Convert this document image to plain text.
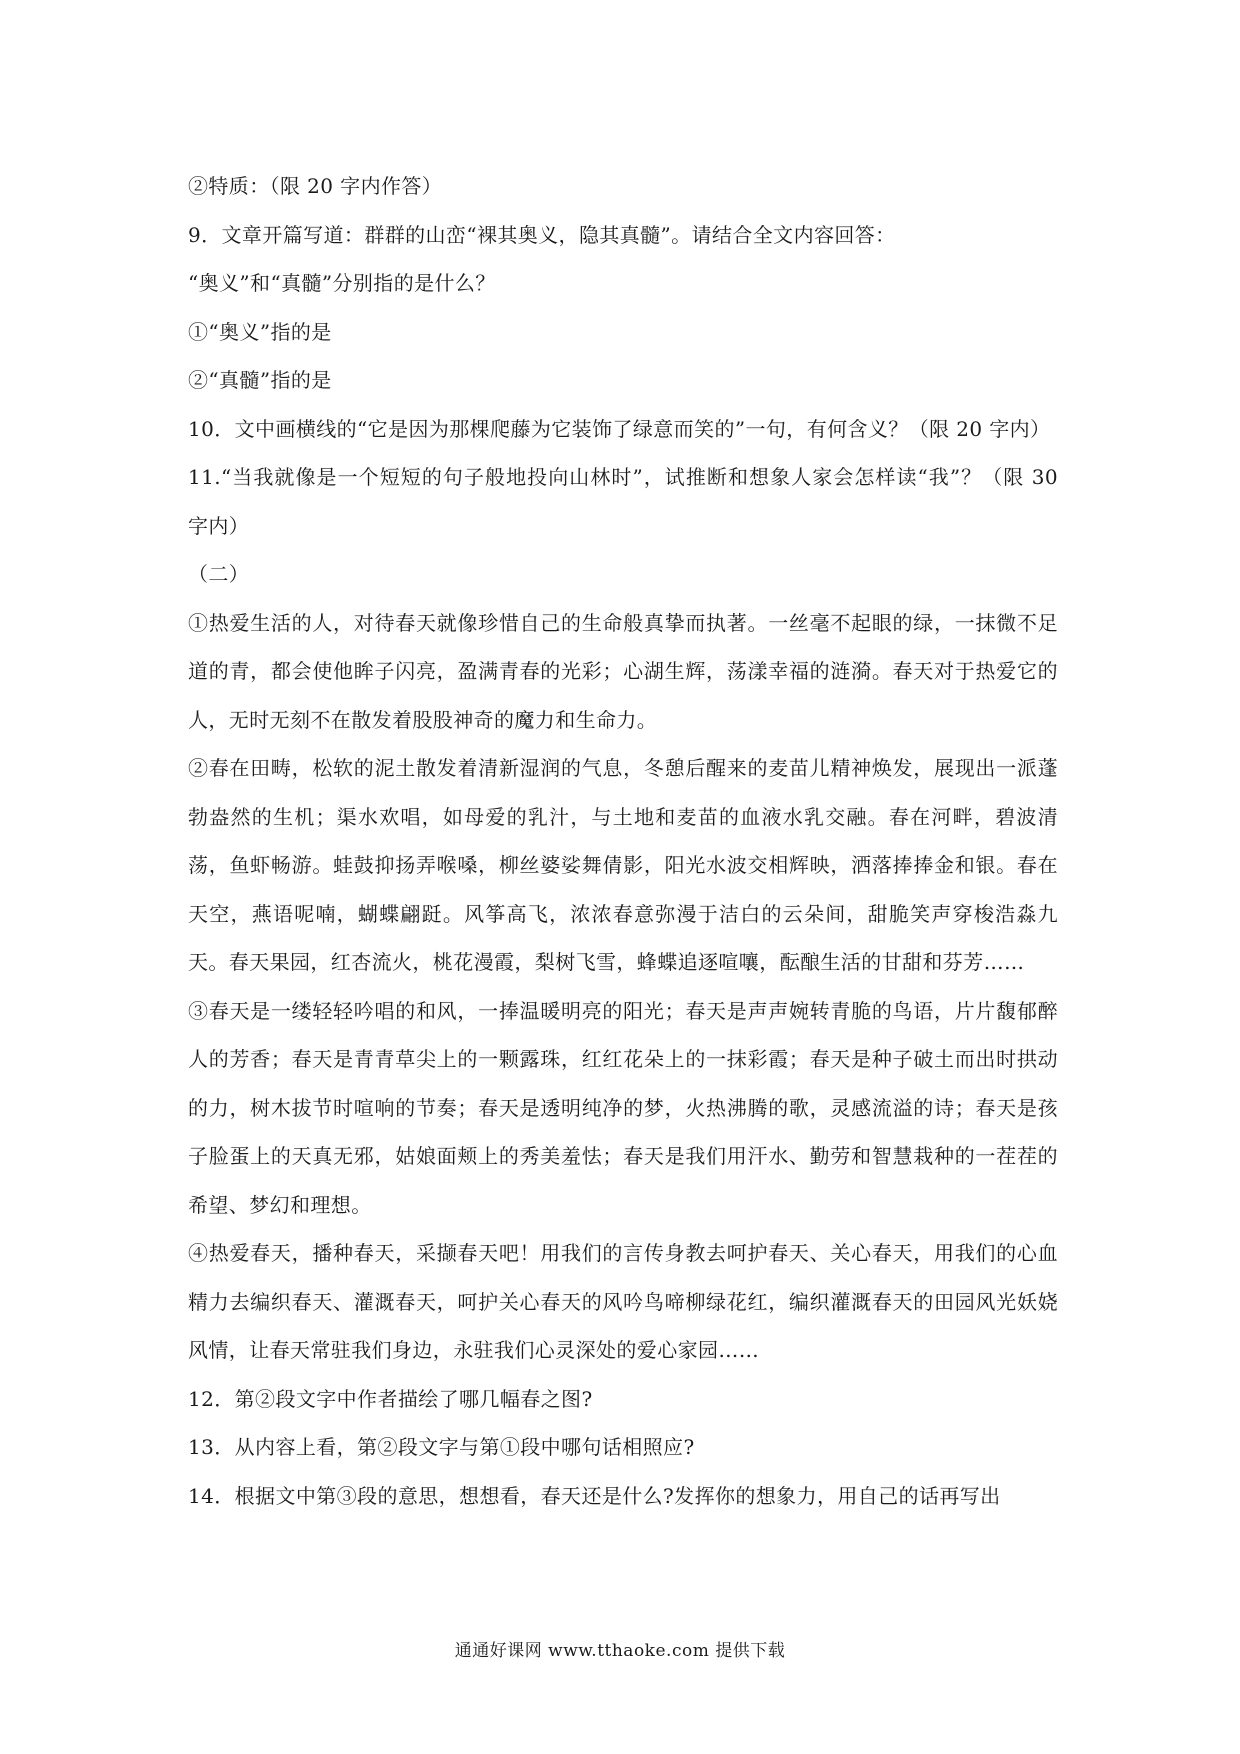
②特质：（限 20 字内作答）

9．文章开篇写道：群群的山峦“裸其奥义，隐其真髓”。请结合全文内容回答：

“奥义”和“真髓”分别指的是什么？

①“奥义”指的是

②“真髓”指的是

10．文中画横线的“它是因为那棵爬藤为它装饰了绿意而笑的”一句，有何含义？（限 20 字内）

11.“当我就像是一个短短的句子般地投向山林时”，试推断和想象人家会怎样读“我”？（限 30 字内）

（二）

①热爱生活的人，对待春天就像珍惜自己的生命般真挚而执著。一丝毫不起眼的绿，一抹微不足道的青，都会使他眸子闪亮，盈满青春的光彩；心湖生辉，荡漾幸福的涟漪。春天对于热爱它的人，无时无刻不在散发着股股神奇的魔力和生命力。

②春在田畴，松软的泥土散发着清新湿润的气息，冬憩后醒来的麦苗儿精神焕发，展现出一派蓬勃盎然的生机；渠水欢唱，如母爱的乳汁，与土地和麦苗的血液水乳交融。春在河畔，碧波清荡，鱼虾畅游。蛙鼓抑扬弄喉嗓，柳丝婆娑舞倩影，阳光水波交相辉映，洒落捧捧金和银。春在天空，燕语呢喃，蝴蝶翩跹。风筝高飞，浓浓春意弥漫于洁白的云朵间，甜脆笑声穿梭浩淼九天。春天果园，红杏流火，桃花漫霞，梨树飞雪，蜂蝶追逐喧嚷，酝酿生活的甘甜和芬芳……

③春天是一缕轻轻吟唱的和风，一捧温暖明亮的阳光；春天是声声婉转青脆的鸟语，片片馥郁醉人的芳香；春天是青青草尖上的一颗露珠，红红花朵上的一抹彩霞；春天是种子破土而出时拱动的力，树木拔节时喧响的节奏；春天是透明纯净的梦，火热沸腾的歌，灵感流溢的诗；春天是孩子脸蛋上的天真无邪，姑娘面颊上的秀美羞怯；春天是我们用汗水、勤劳和智慧栽种的一茬茬的希望、梦幻和理想。

④热爱春天，播种春天，采撷春天吧！用我们的言传身教去呵护春天、关心春天，用我们的心血精力去编织春天、灌溉春天，呵护关心春天的风吟鸟啼柳绿花红，编织灌溉春天的田园风光妖娆风情，让春天常驻我们身边，永驻我们心灵深处的爱心家园……

12．第②段文字中作者描绘了哪几幅春之图?

13．从内容上看，第②段文字与第①段中哪句话相照应?

14．根据文中第③段的意思，想想看，春天还是什么?发挥你的想象力，用自己的话再写出

通通好课网 www.tthaoke.com 提供下载
